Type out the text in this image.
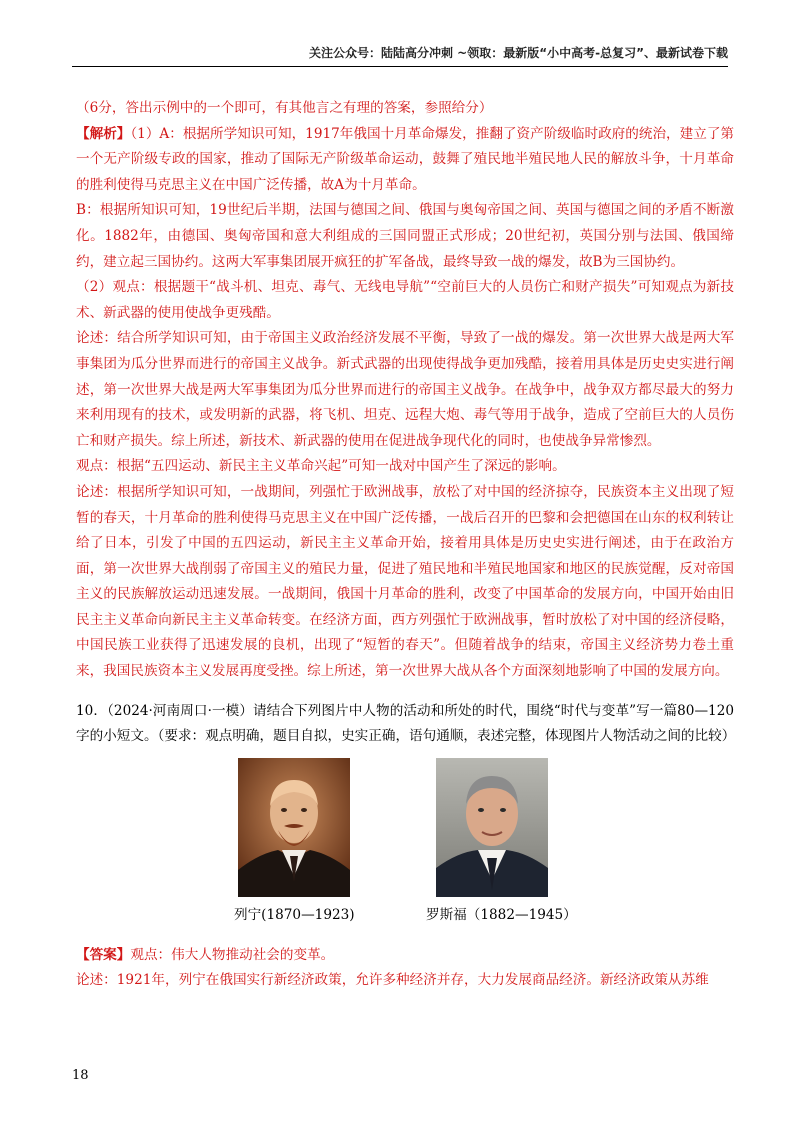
关注公众号：陆陆高分冲刺 ~领取：最新版“小中高考-总复习”、最新试卷下载

（6分，答出示例中的一个即可，有其他言之有理的答案，参照给分）

【解析】（1）A：根据所学知识可知，1917年俄国十月革命爆发，推翻了资产阶级临时政府的统治，建立了第一个无产阶级专政的国家，推动了国际无产阶级革命运动，鼓舞了殖民地半殖民地人民的解放斗争，十月革命的胜利使得马克思主义在中国广泛传播，故A为十月革命。

B：根据所知识可知，19世纪后半期，法国与德国之间、俄国与奥匈帝国之间、英国与德国之间的矛盾不断激化。1882年，由德国、奥匈帝国和意大利组成的三国同盟正式形成；20世纪初，英国分别与法国、俄国缔约，建立起三国协约。这两大军事集团展开疯狂的扩军备战，最终导致一战的爆发，故B为三国协约。

（2）观点：根据题干“战斗机、坦克、毒气、无线电导航”“空前巨大的人员伤亡和财产损失”可知观点为新技术、新武器的使用使战争更残酷。

论述：结合所学知识可知，由于帝国主义政治经济发展不平衡，导致了一战的爆发。第一次世界大战是两大军事集团为瓜分世界而进行的帝国主义战争。新式武器的出现使得战争更加残酷，接着用具体是历史史实进行阐述，第一次世界大战是两大军事集团为瓜分世界而进行的帝国主义战争。在战争中，战争双方都尽最大的努力来利用现有的技术，或发明新的武器，将飞机、坦克、远程大炮、毒气等用于战争，造成了空前巨大的人员伤亡和财产损失。综上所述，新技术、新武器的使用在促进战争现代化的同时，也使战争异常惨烈。

观点：根据“五四运动、新民主主义革命兴起”可知一战对中国产生了深远的影响。

论述：根据所学知识可知，一战期间，列强忙于欧洲战事，放松了对中国的经济掠夺，民族资本主义出现了短暂的春天，十月革命的胜利使得马克思主义在中国广泛传播，一战后召开的巴黎和会把德国在山东的权利转让给了日本，引发了中国的五四运动，新民主主义革命开始，接着用具体是历史史实进行阐述，由于在政治方面，第一次世界大战削弱了帝国主义的殖民力量，促进了殖民地和半殖民地国家和地区的民族觉醒，反对帝国主义的民族解放运动迅速发展。一战期间，俄国十月革命的胜利，改变了中国革命的发展方向，中国开始由旧民主主义革命向新民主主义革命转变。在经济方面，西方列强忙于欧洲战事，暂时放松了对中国的经济侵略，中国民族工业获得了迅速发展的良机，出现了“短暂的春天”。但随着战争的结束，帝国主义经济势力卷土重来，我国民族资本主义发展再度受挫。综上所述，第一次世界大战从各个方面深刻地影响了中国的发展方向。

10．（2024·河南周口·一模）请结合下列图片中人物的活动和所处的时代，围绕“时代与变革”写一篇80—120字的小短文。（要求：观点明确，题目自拟，史实正确，语句通顺，表述完整，体现图片人物活动之间的比较）

列宁(1870—1923)	罗斯福（1882—1945）

【答案】观点：伟大人物推动社会的变革。

论述：1921年，列宁在俄国实行新经济政策，允许多种经济并存，大力发展商品经济。新经济政策从苏维

18
